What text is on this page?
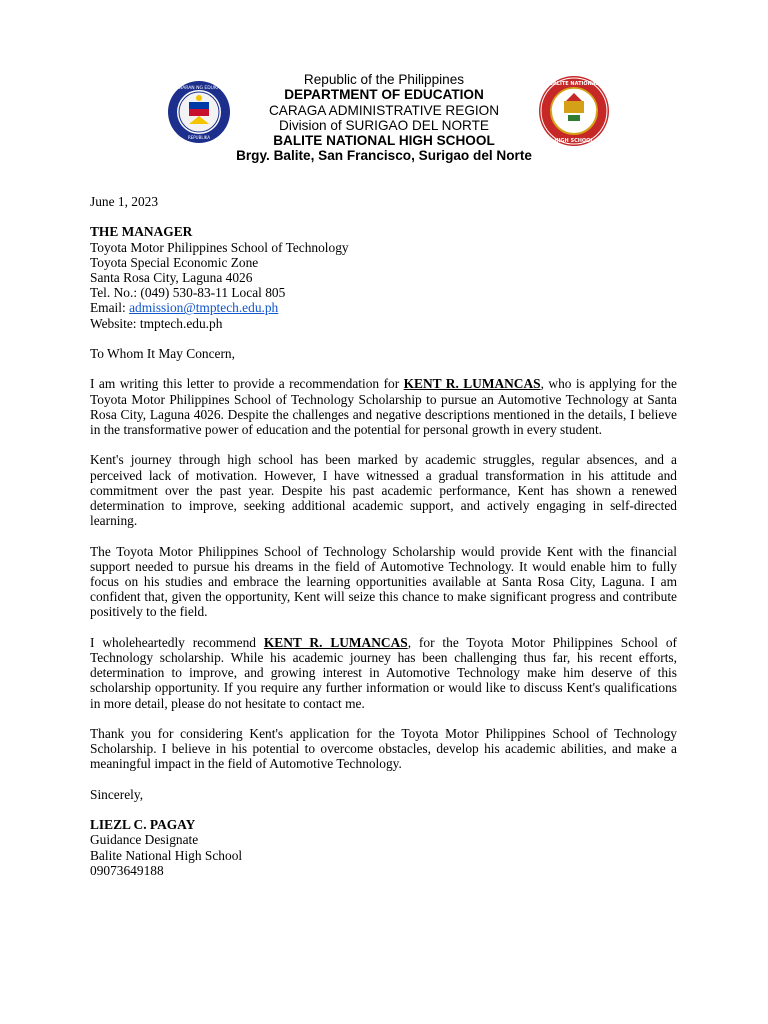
KAGAWARAN NG EDUKASYON
REPUBLIKA
Republic of the Philippines
DEPARTMENT OF EDUCATION
CARAGA ADMINISTRATIVE REGION
Division of SURIGAO DEL NORTE
BALITE NATIONAL HIGH SCHOOL
Brgy. Balite, San Francisco, Surigao del Norte
BALITE NATIONAL
HIGH SCHOOL
June 1, 2023
THE MANAGER
Toyota Motor Philippines School of Technology
Toyota Special Economic Zone
Santa Rosa City, Laguna 4026
Tel. No.: (049) 530-83-11 Local 805
Email: admission@tmptech.edu.ph
Website: tmptech.edu.ph
To Whom It May Concern,
I am writing this letter to provide a recommendation for KENT R. LUMANCAS, who is applying for the Toyota Motor Philippines School of Technology Scholarship to pursue an Automotive Technology at Santa Rosa City, Laguna 4026. Despite the challenges and negative descriptions mentioned in the details, I believe in the transformative power of education and the potential for personal growth in every student.
Kent's journey through high school has been marked by academic struggles, regular absences, and a perceived lack of motivation. However, I have witnessed a gradual transformation in his attitude and commitment over the past year. Despite his past academic performance, Kent has shown a renewed determination to improve, seeking additional academic support, and actively engaging in self-directed learning.
The Toyota Motor Philippines School of Technology Scholarship would provide Kent with the financial support needed to pursue his dreams in the field of Automotive Technology. It would enable him to fully focus on his studies and embrace the learning opportunities available at Santa Rosa City, Laguna. I am confident that, given the opportunity, Kent will seize this chance to make significant progress and contribute positively to the field.
I wholeheartedly recommend KENT R. LUMANCAS, for the Toyota Motor Philippines School of Technology scholarship. While his academic journey has been challenging thus far, his recent efforts, determination to improve, and growing interest in Automotive Technology make him deserve of this scholarship opportunity. If you require any further information or would like to discuss Kent's qualifications in more detail, please do not hesitate to contact me.
Thank you for considering Kent's application for the Toyota Motor Philippines School of Technology Scholarship. I believe in his potential to overcome obstacles, develop his academic abilities, and make a meaningful impact in the field of Automotive Technology.
Sincerely,
LIEZL C. PAGAY
Guidance Designate
Balite National High School
09073649188
